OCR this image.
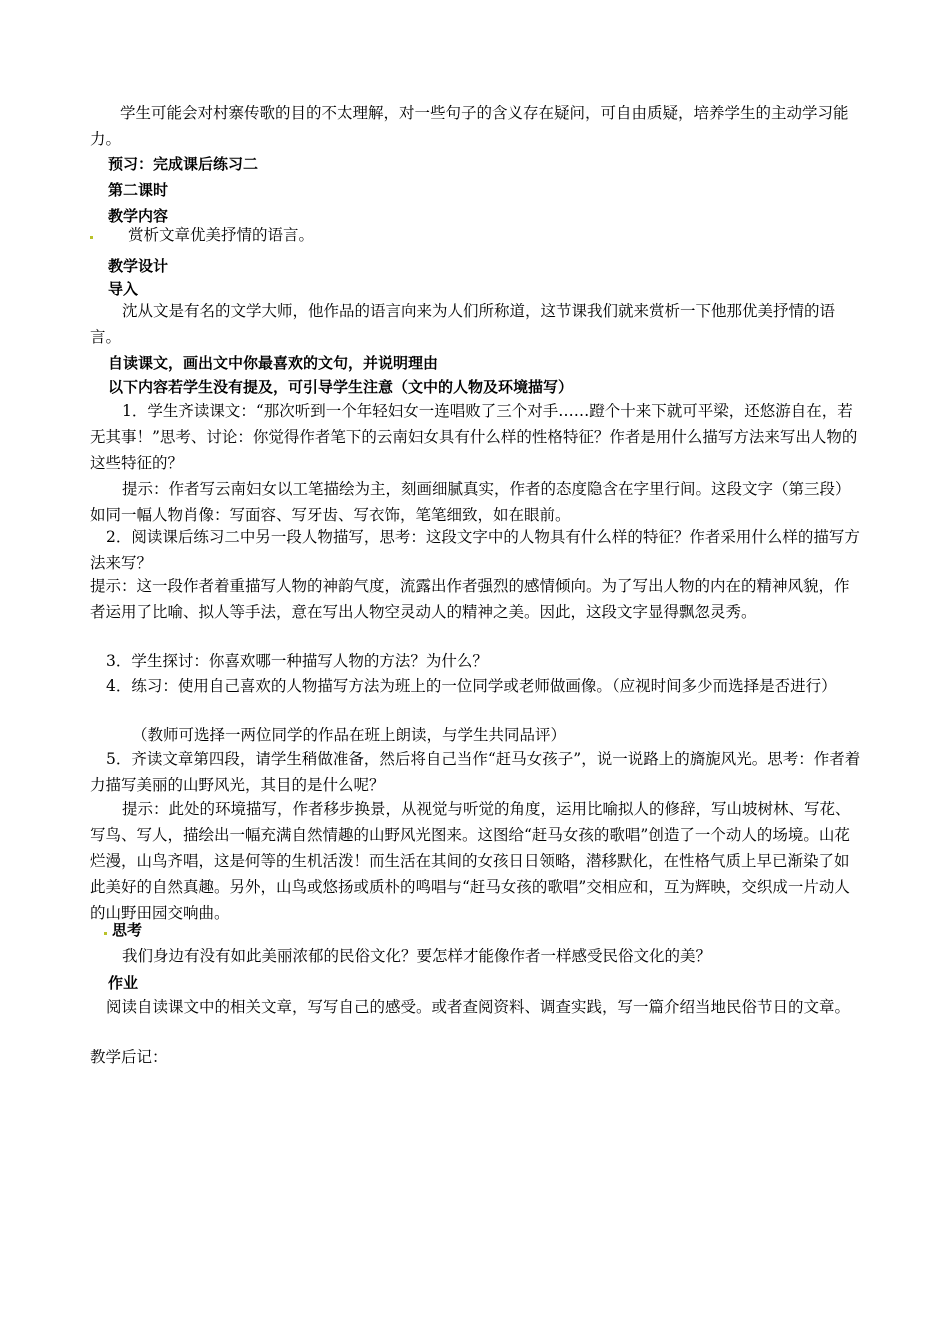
学生可能会对村寨传歌的目的不太理解，对一些句子的含义存在疑问，可自由质疑，培养学生的主动学习能力。
预习：完成课后练习二
第二课时
教学内容
赏析文章优美抒情的语言。
教学设计
导入
沈从文是有名的文学大师，他作品的语言向来为人们所称道，这节课我们就来赏析一下他那优美抒情的语言。
自读课文，画出文中你最喜欢的文句，并说明理由
以下内容若学生没有提及，可引导学生注意（文中的人物及环境描写）
1．学生齐读课文：“那次听到一个年轻妇女一连唱败了三个对手……蹬个十来下就可平梁，还悠游自在，若无其事！”思考、讨论：你觉得作者笔下的云南妇女具有什么样的性格特征？作者是用什么描写方法来写出人物的这些特征的？
提示：作者写云南妇女以工笔描绘为主，刻画细腻真实，作者的态度隐含在字里行间。这段文字（第三段）如同一幅人物肖像：写面容、写牙齿、写衣饰，笔笔细致，如在眼前。
2．阅读课后练习二中另一段人物描写，思考：这段文字中的人物具有什么样的特征？作者采用什么样的描写方法来写？
提示：这一段作者着重描写人物的神韵气度，流露出作者强烈的感情倾向。为了写出人物的内在的精神风貌，作者运用了比喻、拟人等手法，意在写出人物空灵动人的精神之美。因此，这段文字显得飘忽灵秀。
3．学生探讨：你喜欢哪一种描写人物的方法？为什么？
4．练习：使用自己喜欢的人物描写方法为班上的一位同学或老师做画像。（应视时间多少而选择是否进行）
（教师可选择一两位同学的作品在班上朗读，与学生共同品评）
5．齐读文章第四段，请学生稍做准备，然后将自己当作“赶马女孩子”，说一说路上的旖旎风光。思考：作者着力描写美丽的山野风光，其目的是什么呢？
提示：此处的环境描写，作者移步换景，从视觉与听觉的角度，运用比喻拟人的修辞，写山坡树林、写花、写鸟、写人，描绘出一幅充满自然情趣的山野风光图来。这图给“赶马女孩的歌唱”创造了一个动人的场境。山花烂漫，山鸟齐唱，这是何等的生机活泼！而生活在其间的女孩日日领略，潜移默化，在性格气质上早已渐染了如此美好的自然真趣。另外，山鸟或悠扬或质朴的鸣唱与“赶马女孩的歌唱”交相应和，互为辉映，交织成一片动人的山野田园交响曲。
思考
我们身边有没有如此美丽浓郁的民俗文化？要怎样才能像作者一样感受民俗文化的美？
作业
阅读自读课文中的相关文章，写写自己的感受。或者查阅资料、调查实践，写一篇介绍当地民俗节日的文章。
教学后记：
